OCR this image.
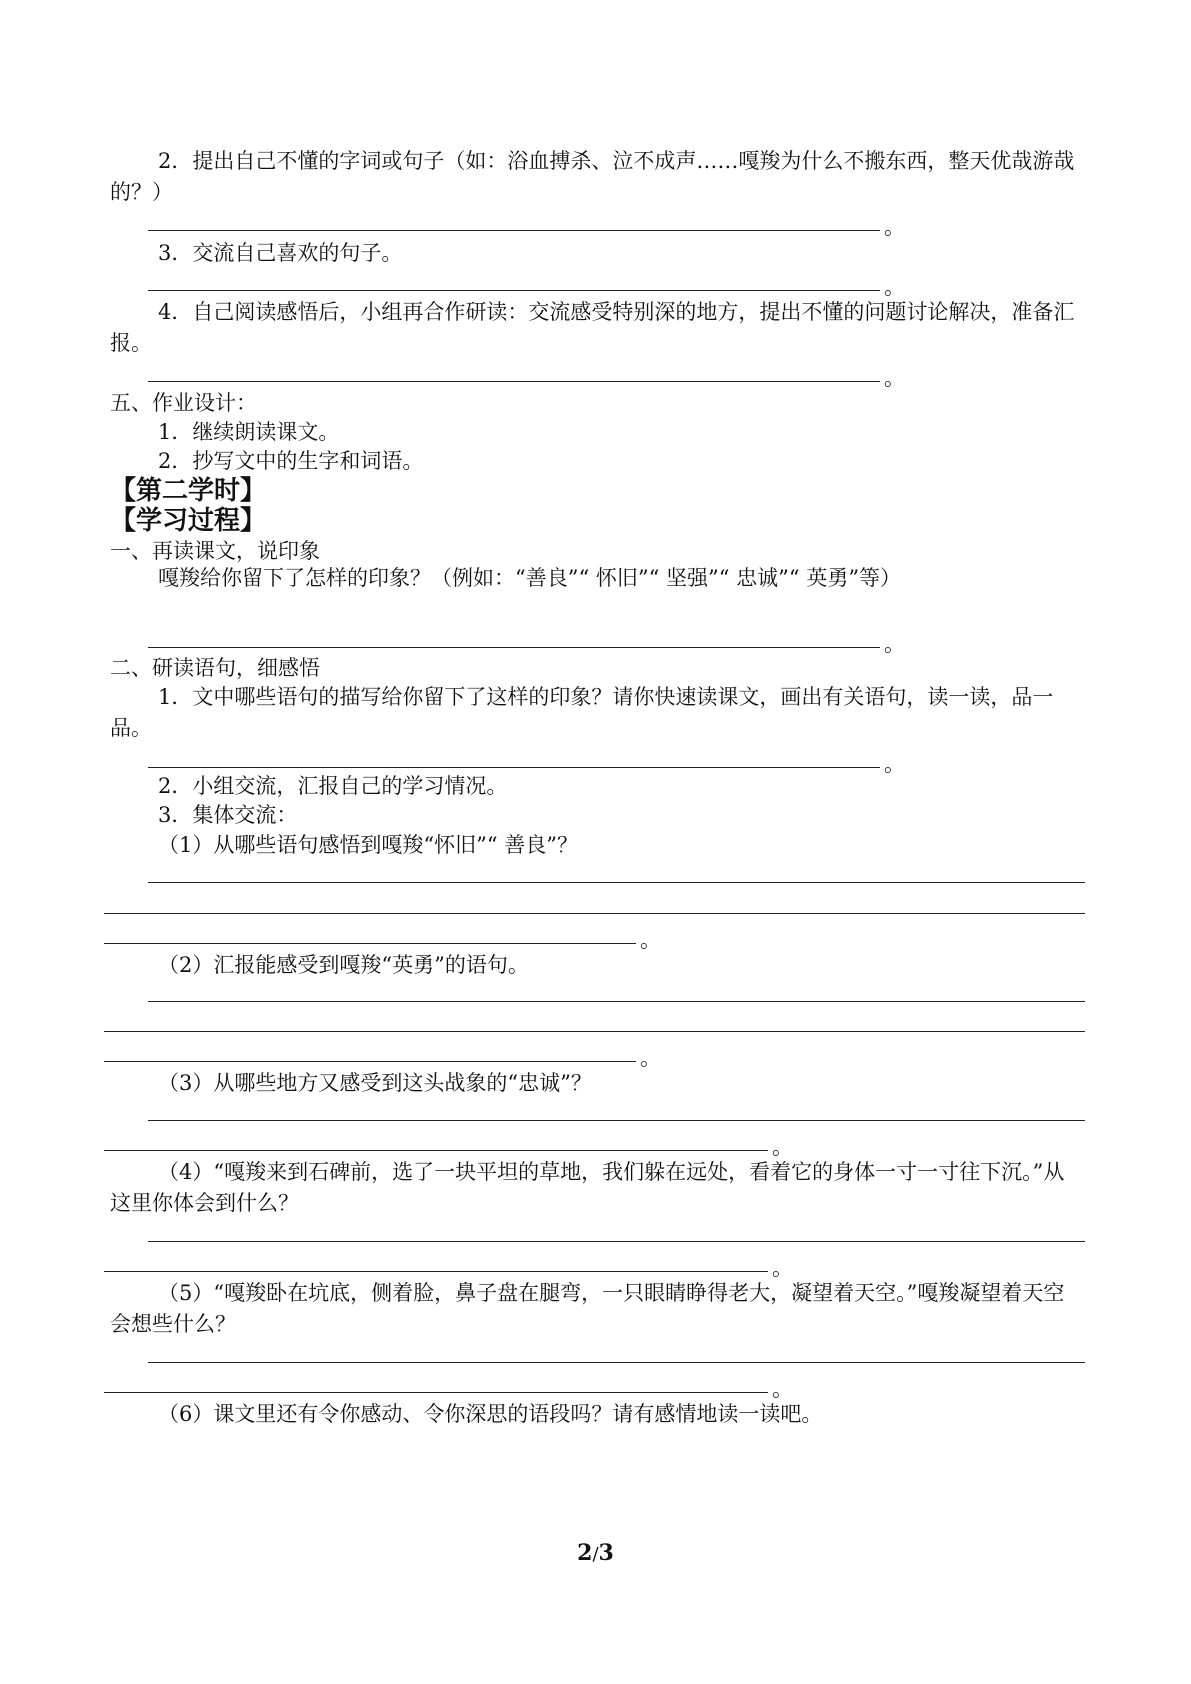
2．提出自己不懂的字词或句子（如：浴血搏杀、泣不成声……嘎羧为什么不搬东西，整天优哉游哉的？）

。

3．交流自己喜欢的句子。

。

4．自己阅读感悟后，小组再合作研读：交流感受特别深的地方，提出不懂的问题讨论解决，准备汇报。

。

五、作业设计：

1．继续朗读课文。

2．抄写文中的生字和词语。

【第二学时】

【学习过程】

一、再读课文，说印象

嘎羧给你留下了怎样的印象？（例如：“善良”“ 怀旧”“ 坚强”“ 忠诚”“ 英勇”等）

。

二、研读语句，细感悟

1．文中哪些语句的描写给你留下了这样的印象？请你快速读课文，画出有关语句，读一读，品一品。

。

2．小组交流，汇报自己的学习情况。

3．集体交流：

（1）从哪些语句感悟到嘎羧“怀旧”“ 善良”？

。

（2）汇报能感受到嘎羧“英勇”的语句。

。

（3）从哪些地方又感受到这头战象的“忠诚”？

。

（4）“嘎羧来到石碑前，选了一块平坦的草地，我们躲在远处，看着它的身体一寸一寸往下沉。”从这里你体会到什么？

。

（5）“嘎羧卧在坑底，侧着脸，鼻子盘在腿弯，一只眼睛睁得老大，凝望着天空。”嘎羧凝望着天空会想些什么？

。

（6）课文里还有令你感动、令你深思的语段吗？请有感情地读一读吧。

2/3
